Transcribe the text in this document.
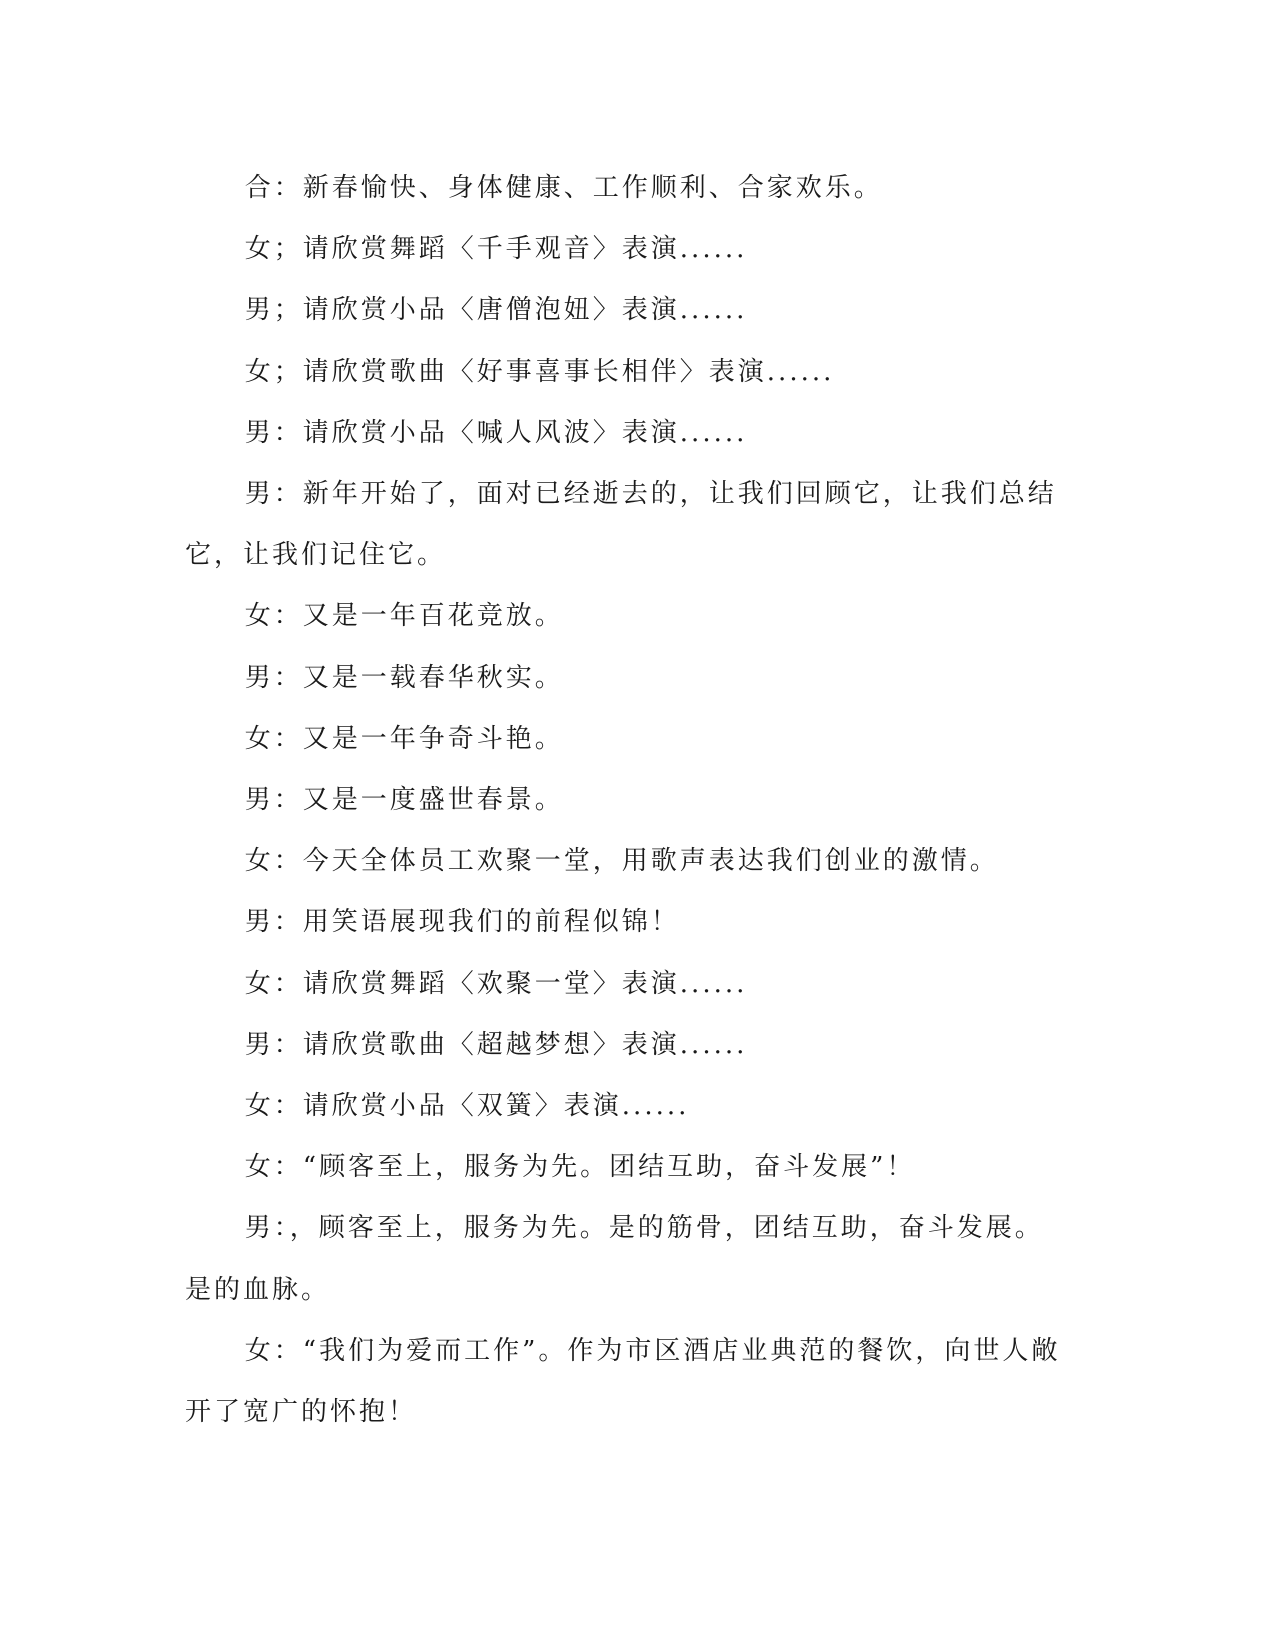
合：新春愉快、身体健康、工作顺利、合家欢乐。

女；请欣赏舞蹈〈千手观音〉表演......

男；请欣赏小品〈唐僧泡妞〉表演......

女；请欣赏歌曲〈好事喜事长相伴〉表演......

男：请欣赏小品〈喊人风波〉表演......

男：新年开始了，面对已经逝去的，让我们回顾它，让我们总结它，让我们记住它。

女：又是一年百花竞放。

男：又是一载春华秋实。

女：又是一年争奇斗艳。

男：又是一度盛世春景。

女：今天全体员工欢聚一堂，用歌声表达我们创业的激情。

男：用笑语展现我们的前程似锦！

女：请欣赏舞蹈〈欢聚一堂〉表演......

男：请欣赏歌曲〈超越梦想〉表演......

女：请欣赏小品〈双簧〉表演......

女：“顾客至上，服务为先。团结互助，奋斗发展”！

男：，顾客至上，服务为先。是的筋骨，团结互助，奋斗发展。是的血脉。

女：“我们为爱而工作”。作为市区酒店业典范的餐饮，向世人敞开了宽广的怀抱！
